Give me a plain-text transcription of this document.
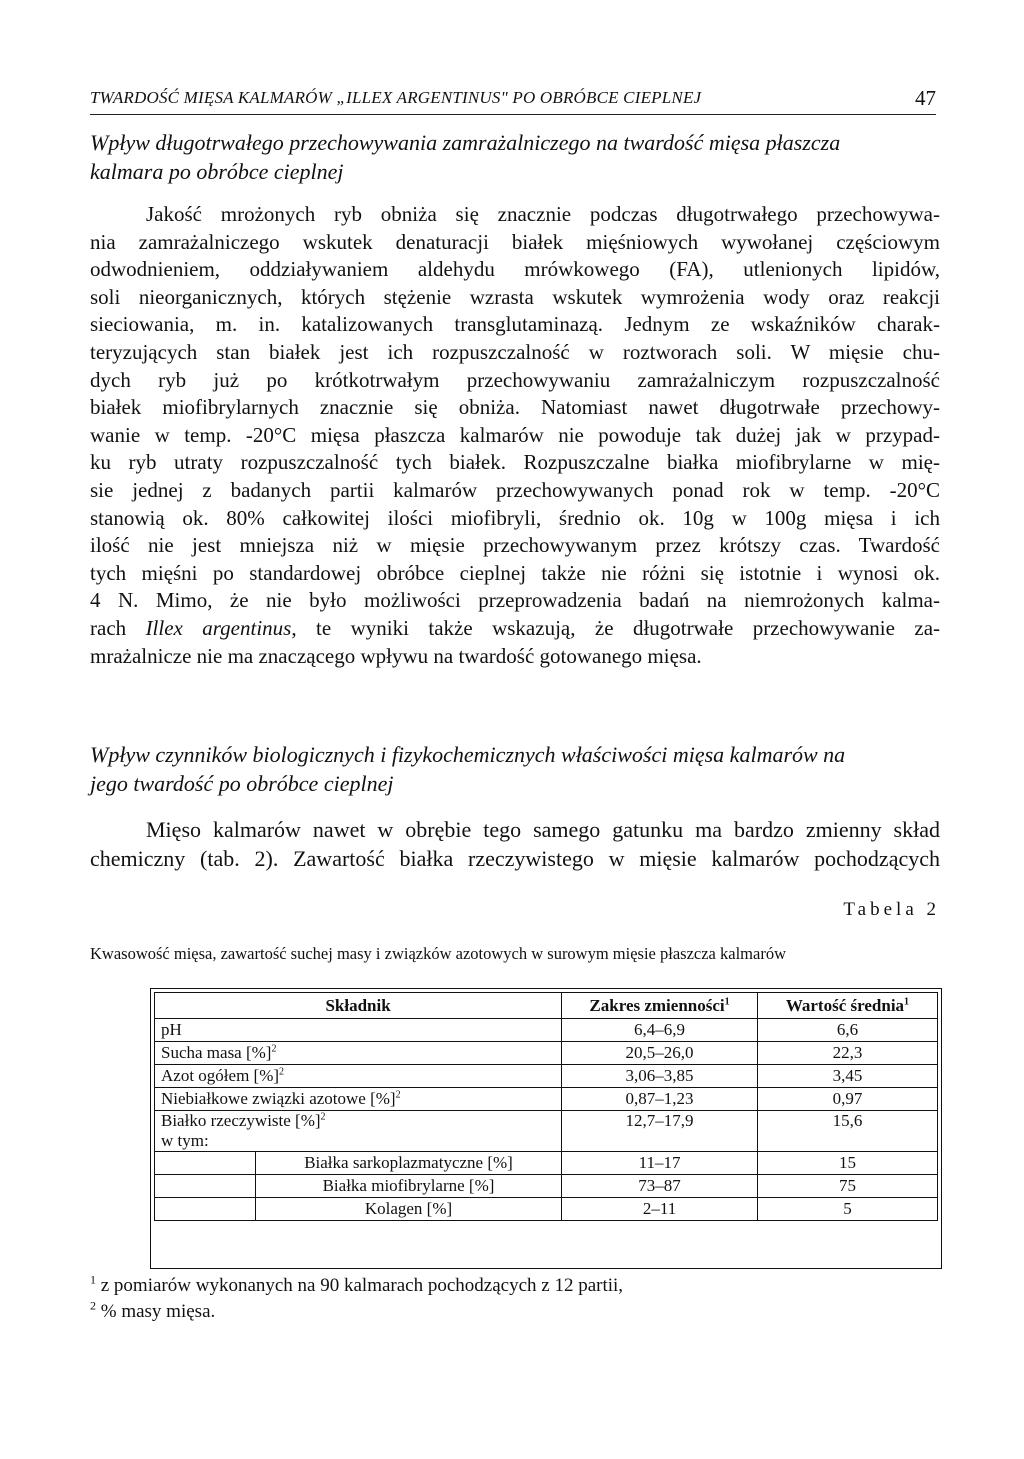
TWARDOŚĆ MIĘSA KALMARÓW „ILLEX ARGENTINUS" PO OBRÓBCE CIEPLNEJ	47
Wpływ długotrwałego przechowywania zamrażalniczego na twardość mięsa płaszcza
kalmara po obróbce cieplnej
Jakość mrożonych ryb obniża się znacznie podczas długotrwałego przechowywa-
nia zamrażalniczego wskutek denaturacji białek mięśniowych wywołanej częściowym
odwodnieniem, oddziaływaniem aldehydu mrówkowego (FA), utlenionych lipidów,
soli nieorganicznych, których stężenie wzrasta wskutek wymrożenia wody oraz reakcji
sieciowania, m. in. katalizowanych transglutaminazą. Jednym ze wskaźników charak-
teryzujących stan białek jest ich rozpuszczalność w roztworach soli. W mięsie chu-
dych ryb już po krótkotrwałym przechowywaniu zamrażalniczym rozpuszczalność
białek miofibrylarnych znacznie się obniża. Natomiast nawet długotrwałe przechowy-
wanie w temp. -20°C mięsa płaszcza kalmarów nie powoduje tak dużej jak w przypad-
ku ryb utraty rozpuszczalność tych białek. Rozpuszczalne białka miofibrylarne w mię-
sie jednej z badanych partii kalmarów przechowywanych ponad rok w temp. -20°C
stanowią ok. 80% całkowitej ilości miofibryli, średnio ok. 10g w 100g mięsa i ich
ilość nie jest mniejsza niż w mięsie przechowywanym przez krótszy czas. Twardość
tych mięśni po standardowej obróbce cieplnej także nie różni się istotnie i wynosi ok.
4 N. Mimo, że nie było możliwości przeprowadzenia badań na niemrożonych kalma-
rach Illex argentinus, te wyniki także wskazują, że długotrwałe przechowywanie za-
mrażalnicze nie ma znaczącego wpływu na twardość gotowanego mięsa.
Wpływ czynników biologicznych i fizykochemicznych właściwości mięsa kalmarów na
jego twardość po obróbce cieplnej
Mięso kalmarów nawet w obrębie tego samego gatunku ma bardzo zmienny skład
chemiczny (tab. 2). Zawartość białka rzeczywistego w mięsie kalmarów pochodzących
Tabela 2
Kwasowość mięsa, zawartość suchej masy i związków azotowych w surowym mięsie płaszcza kalmarów
Składnik		Zakres zmienności$^1$	Wartość średnia$^1$
pH		6,4–6,9	6,6
Sucha masa [%]$^2$		20,5–26,0	22,3
Azot ogółem [%]$^2$		3,06–3,85	3,45
Niebiałkowe związki azotowe [%]$^2$		0,87–1,23	0,97
Białko rzeczywiste [%]$^2$
w tym:		12,7–17,9	15,6
	Białka sarkoplazmatyczne [%]	11–17	15
	Białka miofibrylarne [%]	73–87	75
	Kolagen [%]	2–11	5
$^1$ z pomiarów wykonanych na 90 kalmarach pochodzących z 12 partii,
$^2$ % masy mięsa.
